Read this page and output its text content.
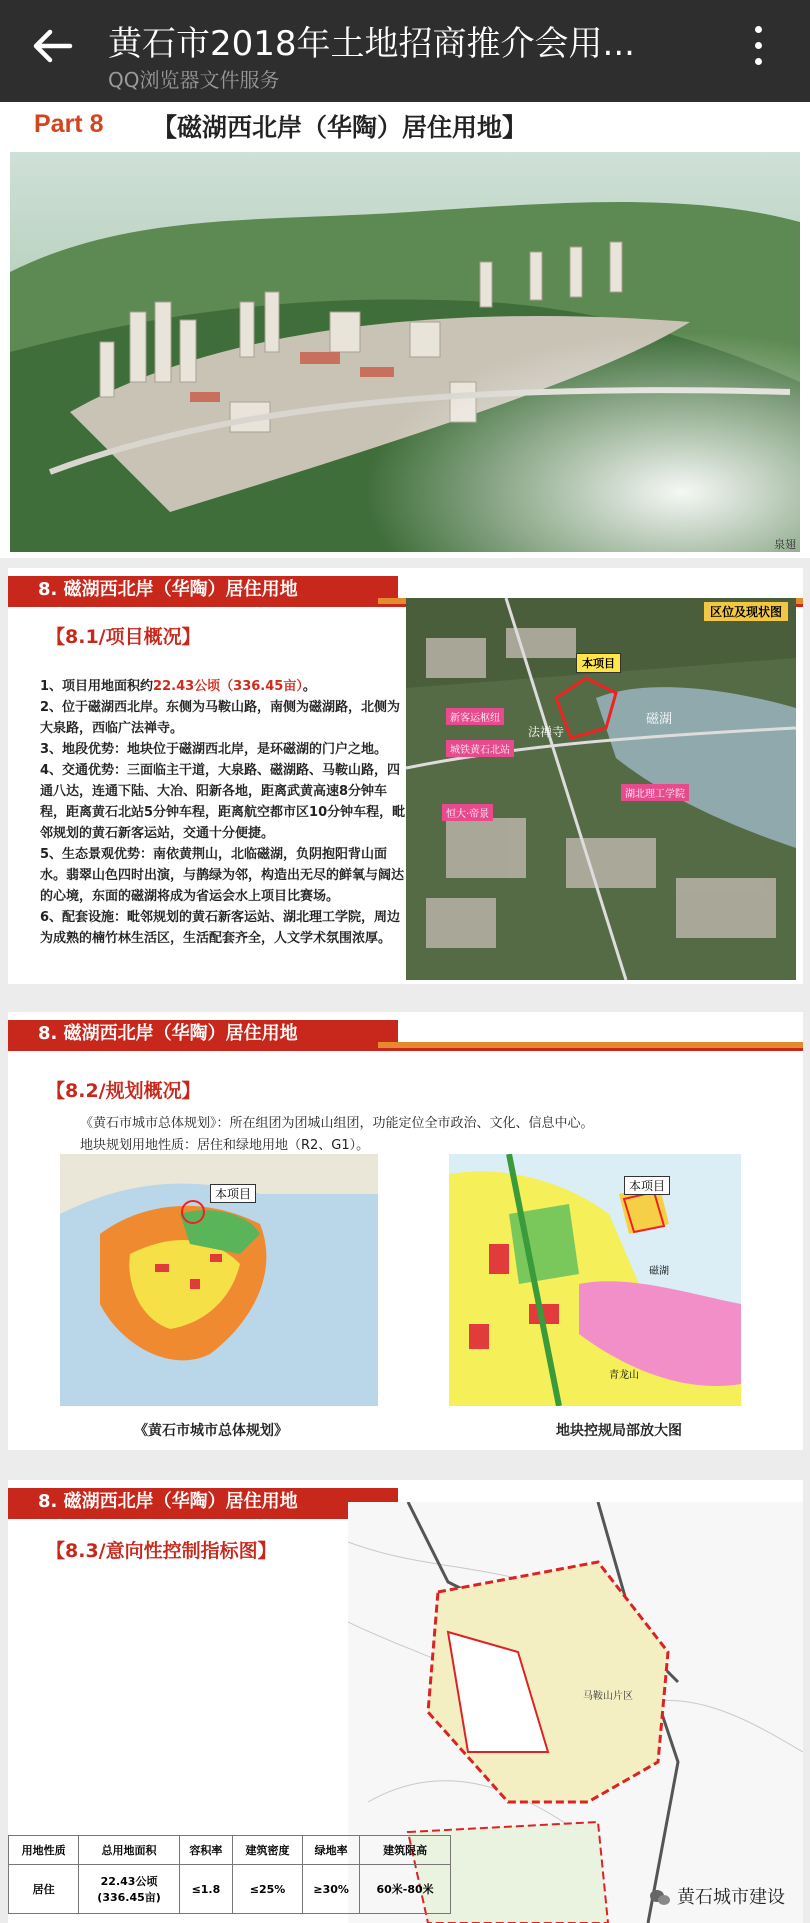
黄石市2018年土地招商推介会用...
QQ浏览器文件服务
Part 8 【磁湖西北岸（华陶）居住用地】
泉翅
8. 磁湖西北岸（华陶）居住用地
【8.1/项目概况】

1、项目用地面积约22.43公顷（336.45亩）。

2、位于磁湖西北岸。东侧为马鞍山路，南侧为磁湖路，北侧为大泉路，西临广法禅寺。

3、地段优势：地块位于磁湖西北岸，是环磁湖的门户之地。

4、交通优势：三面临主干道，大泉路、磁湖路、马鞍山路，四通八达，连通下陆、大冶、阳新各地，距离武黄高速8分钟车程，距离黄石北站5分钟车程，距离航空都市区10分钟车程，毗邻规划的黄石新客运站，交通十分便捷。

5、生态景观优势：南依黄荆山，北临磁湖，负阴抱阳背山面水。翡翠山色四时出演，与鹊绿为邻，构造出无尽的鲜氧与阔达的心境，东面的磁湖将成为省运会水上项目比赛场。

6、配套设施：毗邻规划的黄石新客运站、湖北理工学院，周边为成熟的楠竹林生活区，生活配套齐全，人文学术氛围浓厚。

区位及现状图
本项目
新客运枢纽
法禅寺
磁湖
城铁黄石北站
湖北理工学院
恒大·帝景
8. 磁湖西北岸（华陶）居住用地
【8.2/规划概况】
《黄石市城市总体规划》：所在组团为团城山组团，功能定位全市政治、文化、信息中心。
地块规划用地性质：居住和绿地用地（R2、G1）。
本项目
本项目
磁湖
青龙山
《黄石市城市总体规划》	地块控规局部放大图
8. 磁湖西北岸（华陶）居住用地
【8.3/意向性控制指标图】
马鞍山片区
用地性质	总用地面积	容积率	建筑密度	绿地率	建筑限高
居住	22.43公顷
(336.45亩)	≤1.8	≤25%	≥30%	60米-80米	黄石城市建设
